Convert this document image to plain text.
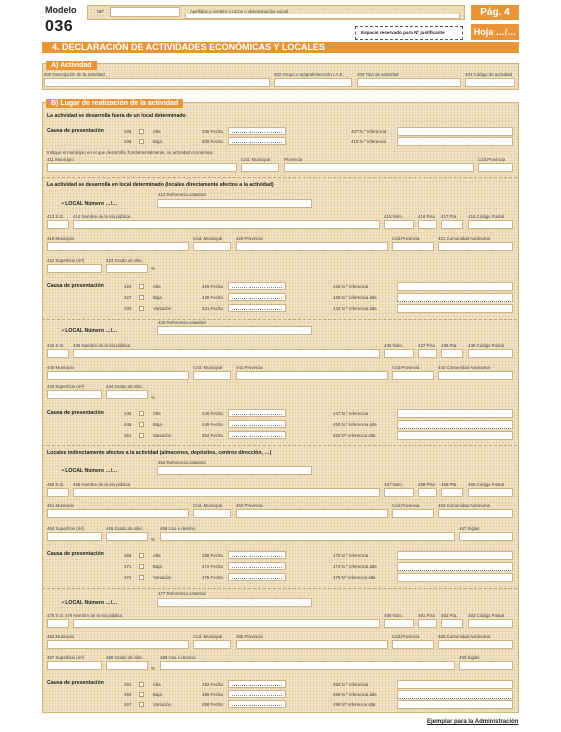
Modelo
036
NIF	Apellidos y nombre o razón o denominación social	Pág. 4
Espacio reservado para Nº justificante	Hoja …/…
4. DECLARACIÓN DE ACTIVIDADES ECONÓMICAS Y LOCALES
A) Actividad
400 Descripción de la actividad	402 Grupo o epígrafe/sección I.A.E.	403 Tipo de actividad	404 Código de actividad
B) Lugar de realización de la actividad
La actividad se desarrolla fuera de un local determinado
Causa de presentación	405	Alta	406 Fecha	407 N.º referencia
408	Baja	409 Fecha	410 N.º referencia
Indique el municipio en el que desarrolla, fundamentalmente, su actividad económica:
411 Municipio	Cód. Municipal	Provincia	Cód.Provincia
La actividad se desarrolla en local determinado (locales directamente afectos a la actividad)
412 Referencia catastral
• LOCAL Número …/…
413 S.G. 414 Nombre de la vía pública	415 Núm.	416 Piso 417 Pta. 418 Código Postal
419 Municipio	Cód. Municipal	420 Provincia	Cód.Provincia	421 Comunidad Autónoma
422 Superficie (m²)	423 Grado de afec.
%
Causa de presentación	424	Alta	425 Fecha	426 N.º referencia
427	Baja	428 Fecha	429 N.º referencia alta
430	Variación	431 Fecha	432 N.º referencia alta
433 Referencia catastral
• LOCAL Número …/…
434 S.G. 435 Nombre de la vía pública	436 Núm.	437 Piso 438 Pta. 439 Código Postal
440 Municipio	Cód. Municipal	441 Provincia	Cód.Provincia	442 Comunidad Autónoma
443 Superficie (m²)	444 Grado de afec.
%
Causa de presentación	445	Alta	446 Fecha	447 N.º referencia
448	Baja	449 Fecha	450 N.º referencia alta
451	Variación	452 Fecha	453 Nº referencia alta
Locales indirectamente afectos a la actividad (almacenes, depósitos, centros dirección, …)
454 Referencia catastral
• LOCAL Número …/…
455 S.G. 456 Nombre de la vía pública	457 Núm.	458 Piso 459 Pta. 460 Código Postal
461 Municipio	Cód. Municipal	462 Provincia	Cód.Provincia	463 Comunidad Autónoma
464 Superficie (m²)	465 Grado de afec.	466 Uso o destino	467 Siglas
%
Causa de presentación	468	Alta	469 Fecha	470 N.º referencia
471	Baja	472 Fecha	473 N.º referencia alta
474	Variación	475 Fecha	476 Nº referencia alta
477 Referencia catastral
• LOCAL Número …/…
478 S.G. 479 Nombre de la vía pública	480 Núm.	481 Piso 482 Pta. 483 Código Postal
484 Municipio	Cód. Municipal	485 Provincia	Cód.Provincia	486 Comunidad Autónoma
487 Superficie (m²)	488 Grado de afec.	489 Uso o destino	490 Siglas
%
Causa de presentación	491	Alta	492 Fecha	493 N.º referencia
494	Baja	495 Fecha	496 N.º referencia alta
497	Variación	498 Fecha	499 Nº referencia alta
Ejemplar para la Administración
